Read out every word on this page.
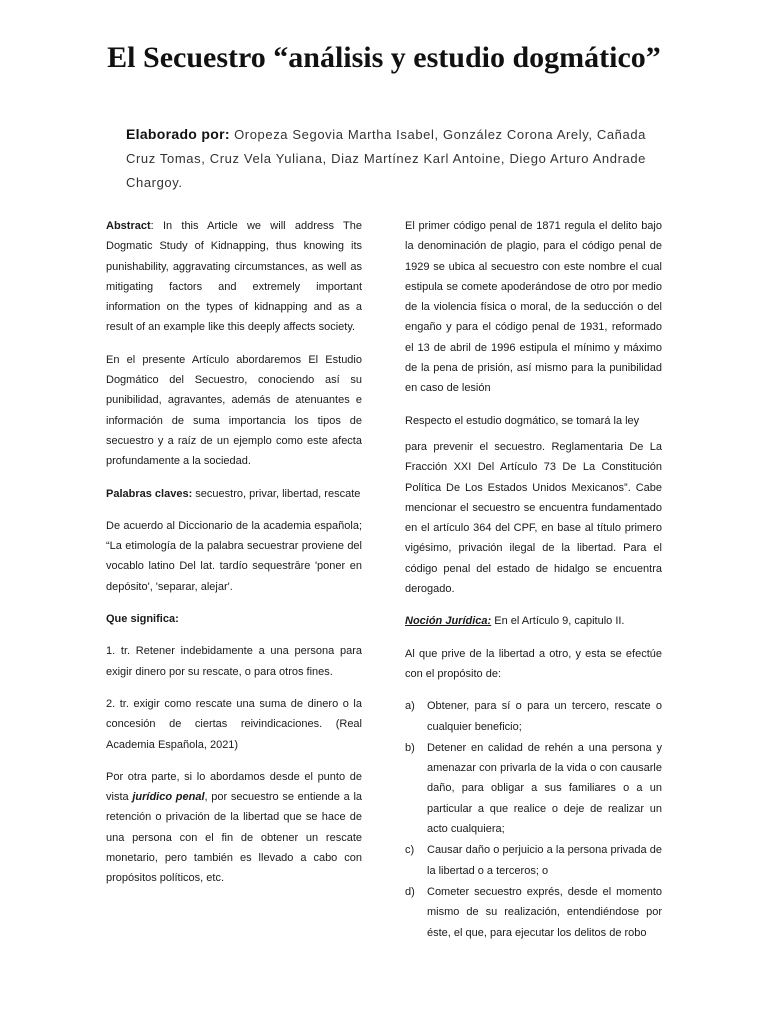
El Secuestro “análisis y estudio dogmático”
Elaborado por: Oropeza Segovia Martha Isabel, González Corona Arely, Cañada Cruz Tomas, Cruz Vela Yuliana, Diaz Martínez Karl Antoine, Diego Arturo Andrade Chargoy.

Abstract: In this Article we will address The Dogmatic Study of Kidnapping, thus knowing its punishability, aggravating circumstances, as well as mitigating factors and extremely important information on the types of kidnapping and as a result of an example like this deeply affects society.

En el presente Artículo abordaremos El Estudio Dogmático del Secuestro, conociendo así su punibilidad, agravantes, además de atenuantes e información de suma importancia los tipos de secuestro y a raíz de un ejemplo como este afecta profundamente a la sociedad.

Palabras claves: secuestro, privar, libertad, rescate

De acuerdo al Diccionario de la academia española; “La etimología de la palabra secuestrar proviene del vocablo latino Del lat. tardío sequestrāre 'poner en depósito', 'separar, alejar'.

Que significa:

1. tr. Retener indebidamente a una persona para exigir dinero por su rescate, o para otros fines.

2. tr. exigir como rescate una suma de dinero o la concesión de ciertas reivindicaciones. (Real Academia Española, 2021)

Por otra parte, si lo abordamos desde el punto de vista jurídico penal, por secuestro se entiende a la retención o privación de la libertad que se hace de una persona con el fin de obtener un rescate monetario, pero también es llevado a cabo con propósitos políticos, etc.

El primer código penal de 1871 regula el delito bajo la denominación de plagio, para el código penal de 1929 se ubica al secuestro con este nombre el cual estipula se comete apoderándose de otro por medio de la violencia física o moral, de la seducción o del engaño y para el código penal de 1931, reformado el 13 de abril de 1996 estipula el mínimo y máximo de la pena de prisión, así mismo para la punibilidad en caso de lesión

Respecto el estudio dogmático, se tomará la ley

para prevenir el secuestro. Reglamentaria De La Fracción XXI Del Artículo 73 De La Constitución Política De Los Estados Unidos Mexicanos”. Cabe mencionar el secuestro se encuentra fundamentado en el artículo 364 del CPF, en base al título primero vigésimo, privación ilegal de la libertad. Para el código penal del estado de hidalgo se encuentra derogado.

Noción Jurídica: En el Artículo 9, capitulo II.

Al que prive de la libertad a otro, y esta se efectúe con el propósito de:

a) Obtener, para sí o para un tercero, rescate o cualquier beneficio;
b) Detener en calidad de rehén a una persona y amenazar con privarla de la vida o con causarle daño, para obligar a sus familiares o a un particular a que realice o deje de realizar un acto cualquiera;
c) Causar daño o perjuicio a la persona privada de la libertad o a terceros; o
d) Cometer secuestro exprés, desde el momento mismo de su realización, entendiéndose por éste, el que, para ejecutar los delitos de robo
